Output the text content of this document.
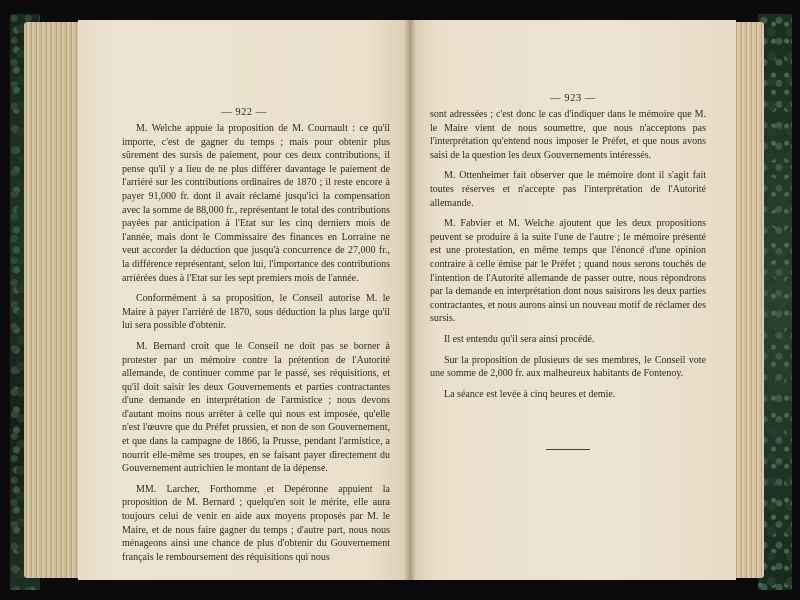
— 922 —

M. Welche appuie la proposition de M. Cournault : ce qu'il importe, c'est de gagner du temps ; mais pour obtenir plus sûrement des sursis de paiement, pour ces deux contributions, il pense qu'il y a lieu de ne plus différer davantage le paiement de l'arriéré sur les contributions ordinaires de 1870 ; il reste encore à payer 91,000 fr. dont il avait réclamé jusqu'ici la compensation avec la somme de 88,000 fr., représentant le total des contributions payées par anticipation à l'Etat sur les cinq derniers mois de l'année, mais dont le Commissaire des finances en Lorraine ne veut accorder la déduction que jusqu'à concurrence de 27,000 fr., la différence représentant, selon lui, l'importance des contributions arriérées dues à l'Etat sur les sept premiers mois de l'année.

Conformément à sa proposition, le Conseil autorise M. le Maire à payer l'arriéré de 1870, sous déduction la plus large qu'il lui sera possible d'obtenir.

M. Bernard croit que le Conseil ne doit pas se borner à protester par un mémoire contre la prétention de l'Autorité allemande, de continuer comme par le passé, ses réquisitions, et qu'il doit saisir les deux Gouvernements et parties contractantes d'une demande en interprétation de l'armistice ; nous devons d'autant moins nous arrêter à celle qui nous est imposée, qu'elle n'est l'œuvre que du Préfet prussien, et non de son Gouvernement, et que dans la campagne de 1866, la Prusse, pendant l'armistice, a nourrit elle-même ses troupes, en se faisant payer directement du Gouvernement autrichien le montant de la dépense.

MM. Larcher, Forthomme et Depéronne appuient la proposition de M. Bernard ; quelqu'en soit le mérite, elle aura toujours celui de venir en aide aux moyens proposés par M. le Maire, et de nous faire gagner du temps ; d'autre part, nous nous ménageons ainsi une chance de plus d'obtenir du Gouvernement français le remboursement des réquisitions qui nous

— 923 —

sont adressées ; c'est donc le cas d'indiquer dans le mémoire que M. le Maire vient de nous soumettre, que nous n'acceptons pas l'interprétation qu'entend nous imposer le Préfet, et que nous avons saisi de la question les deux Gouvernements intéressés.

M. Ottenheimer fait observer que le mémoire dont il s'agit fait toutes réserves et n'accepte pas l'interprétation de l'Autorité allemande.

M. Fabvier et M. Welche ajoutent que les deux propositions peuvent se produire à la suite l'une de l'autre ; le mémoire présenté est une protestation, en même temps que l'énoncé d'une opinion contraire à celle émise par le Préfet ; quand nous serons touchés de l'intention de l'Autorité allemande de passer outre, nous répondrons par la demande en interprétation dont nous saisirons les deux parties contractantes, et nous aurons ainsi un nouveau motif de réclamer des sursis.

Il est entendu qu'il sera ainsi procédé.

Sur la proposition de plusieurs de ses membres, le Conseil vote une somme de 2,000 fr. aux malheureux habitants de Fontenoy.

La séance est levée à cinq heures et demie.
